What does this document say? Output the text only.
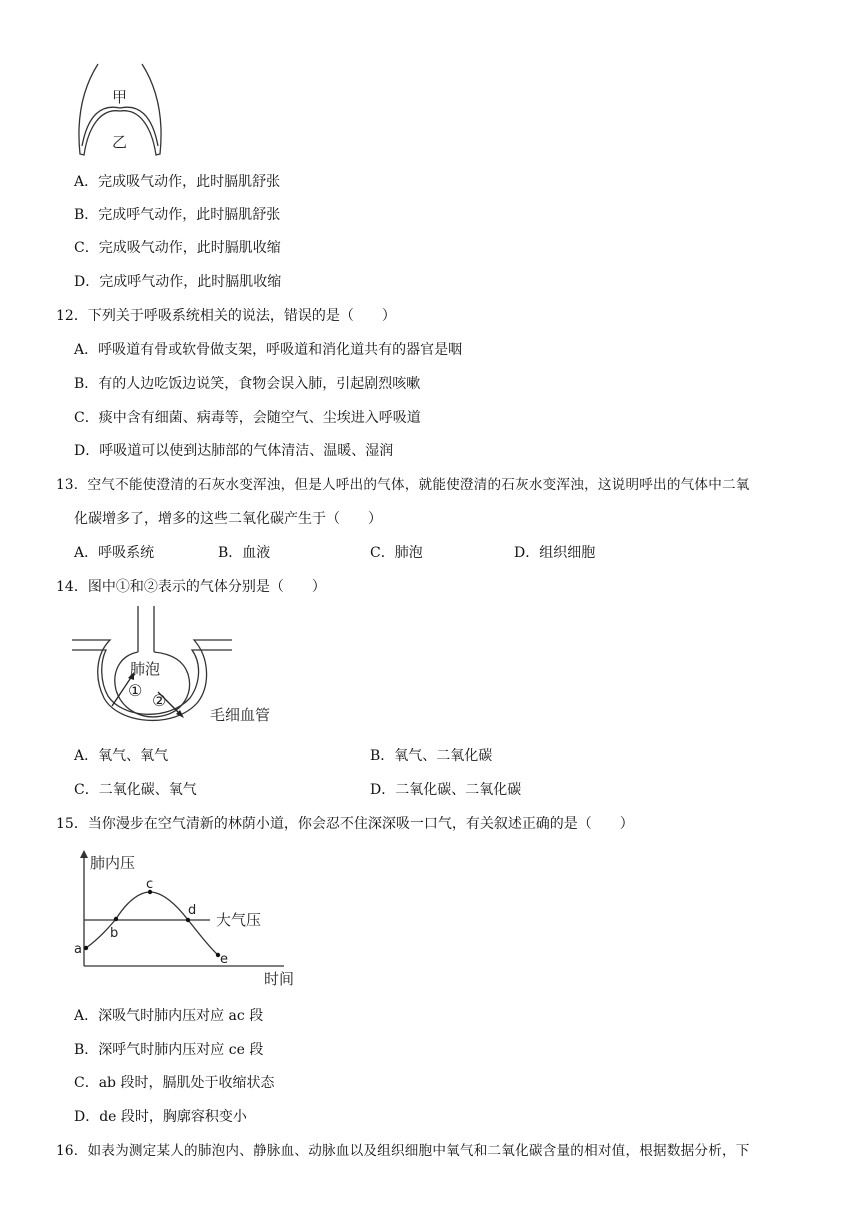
甲
乙
A．完成吸气动作，此时膈肌舒张
B．完成呼气动作，此时膈肌舒张
C．完成吸气动作，此时膈肌收缩
D．完成呼气动作，此时膈肌收缩
12．下列关于呼吸系统相关的说法，错误的是（　　）
A．呼吸道有骨或软骨做支架，呼吸道和消化道共有的器官是咽
B．有的人边吃饭边说笑，食物会误入肺，引起剧烈咳嗽
C．痰中含有细菌、病毒等，会随空气、尘埃进入呼吸道
D．呼吸道可以使到达肺部的气体清洁、温暖、湿润
13．空气不能使澄清的石灰水变浑浊，但是人呼出的气体，就能使澄清的石灰水变浑浊，这说明呼出的气体中二氧
化碳增多了，增多的这些二氧化碳产生于（　　）
A．呼吸系统	B．血液	C．肺泡	D．组织细胞
14．图中①和②表示的气体分别是（　　）
肺泡
①
②
毛细血管
A．氧气、氧气	B．氧气、二氧化碳
C．二氧化碳、氧气	D．二氧化碳、二氧化碳
15．当你漫步在空气清新的林荫小道，你会忍不住深深吸一口气，有关叙述正确的是（　　）
a
b
c
d
e
肺内压
大气压
时间
A．深吸气时肺内压对应 ac 段
B．深呼气时肺内压对应 ce 段
C．ab 段时，膈肌处于收缩状态
D．de 段时，胸廓容积变小
16．如表为测定某人的肺泡内、静脉血、动脉血以及组织细胞中氧气和二氧化碳含量的相对值，根据数据分析，下
